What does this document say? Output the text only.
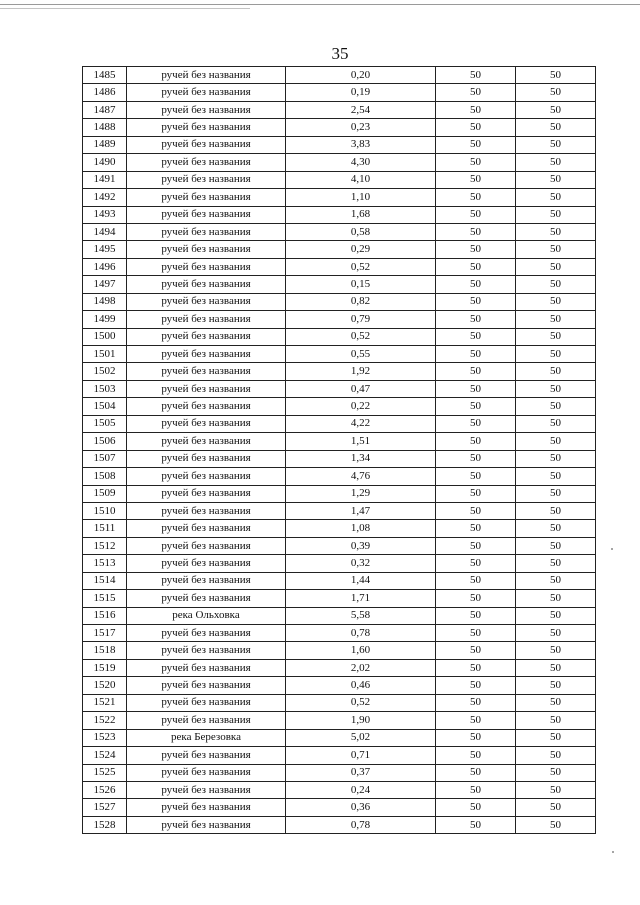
35
1485	ручей без названия	0,20	50	50
1486	ручей без названия	0,19	50	50
1487	ручей без названия	2,54	50	50
1488	ручей без названия	0,23	50	50
1489	ручей без названия	3,83	50	50
1490	ручей без названия	4,30	50	50
1491	ручей без названия	4,10	50	50
1492	ручей без названия	1,10	50	50
1493	ручей без названия	1,68	50	50
1494	ручей без названия	0,58	50	50
1495	ручей без названия	0,29	50	50
1496	ручей без названия	0,52	50	50
1497	ручей без названия	0,15	50	50
1498	ручей без названия	0,82	50	50
1499	ручей без названия	0,79	50	50
1500	ручей без названия	0,52	50	50
1501	ручей без названия	0,55	50	50
1502	ручей без названия	1,92	50	50
1503	ручей без названия	0,47	50	50
1504	ручей без названия	0,22	50	50
1505	ручей без названия	4,22	50	50
1506	ручей без названия	1,51	50	50
1507	ручей без названия	1,34	50	50
1508	ручей без названия	4,76	50	50
1509	ручей без названия	1,29	50	50
1510	ручей без названия	1,47	50	50
1511	ручей без названия	1,08	50	50
1512	ручей без названия	0,39	50	50
1513	ручей без названия	0,32	50	50
1514	ручей без названия	1,44	50	50
1515	ручей без названия	1,71	50	50
1516	река Ольховка	5,58	50	50
1517	ручей без названия	0,78	50	50
1518	ручей без названия	1,60	50	50
1519	ручей без названия	2,02	50	50
1520	ручей без названия	0,46	50	50
1521	ручей без названия	0,52	50	50
1522	ручей без названия	1,90	50	50
1523	река Березовка	5,02	50	50
1524	ручей без названия	0,71	50	50
1525	ручей без названия	0,37	50	50
1526	ручей без названия	0,24	50	50
1527	ручей без названия	0,36	50	50
1528	ручей без названия	0,78	50	50
